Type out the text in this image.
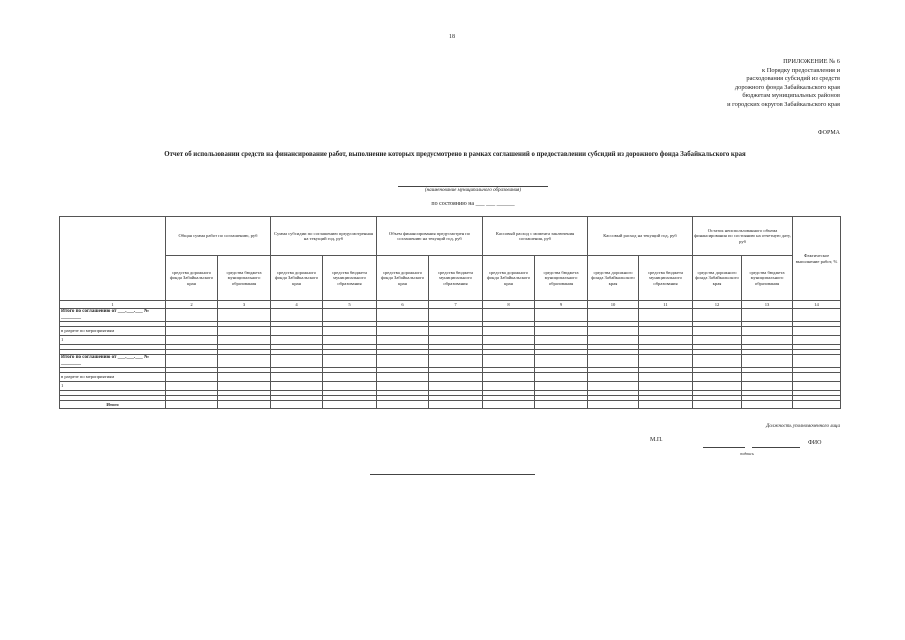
18
ПРИЛОЖЕНИЕ № 6
к Порядку предоставления и
расходования субсидий из средств
дорожного фонда Забайкальского края
бюджетам муниципальных районов
и городских округов Забайкальского края
ФОРМА
Отчет об использовании средств на финансирование работ, выполнение которых предусмотрено в рамках соглашений о предоставлении субсидий из дорожного фонда Забайкальского края
(наименование муниципального образования)
по состоянию на ___ ___ ______
	Общая сумма работ по соглашению, руб		Сумма субсидии по соглашению предусмотренная на текущий год, руб		Объем финансирования предусмотрен по соглашению на текущий год, руб		Кассовый расход с момента заключения соглашения, руб		Кассовый расход на текущий год, руб		Остаток неиспользованного объема финансирования по состоянию на отчетную дату, руб		Фактическое выполнение работ, %
	средства дорожного фонда Забайкальского края	средства бюджета муниципального образования	средства дорожного фонда Забайкальского края	средства бюджета муниципального образования	средства дорожного фонда Забайкальского края	средства бюджета муниципального образования	средства дорожного фонда Забайкальского края	средства бюджета муниципального образования	средства дорожного фонда Забайкальского края	средства бюджета муниципального образования	средства дорожного фонда Забайкальского края	средства бюджета муниципального образования	
1	2	3	4	5	6	7	8	9	10	11	12	13	14
Итого по соглашению от ___.___.___ № ________													

в разрезе по мероприятиям													
1													

Итого по соглашению от ___.___.___ № ________													

в разрезе по мероприятиям													
1													

Итого													
Должность уполномоченного лица
М.П.	ФИО
подпись
